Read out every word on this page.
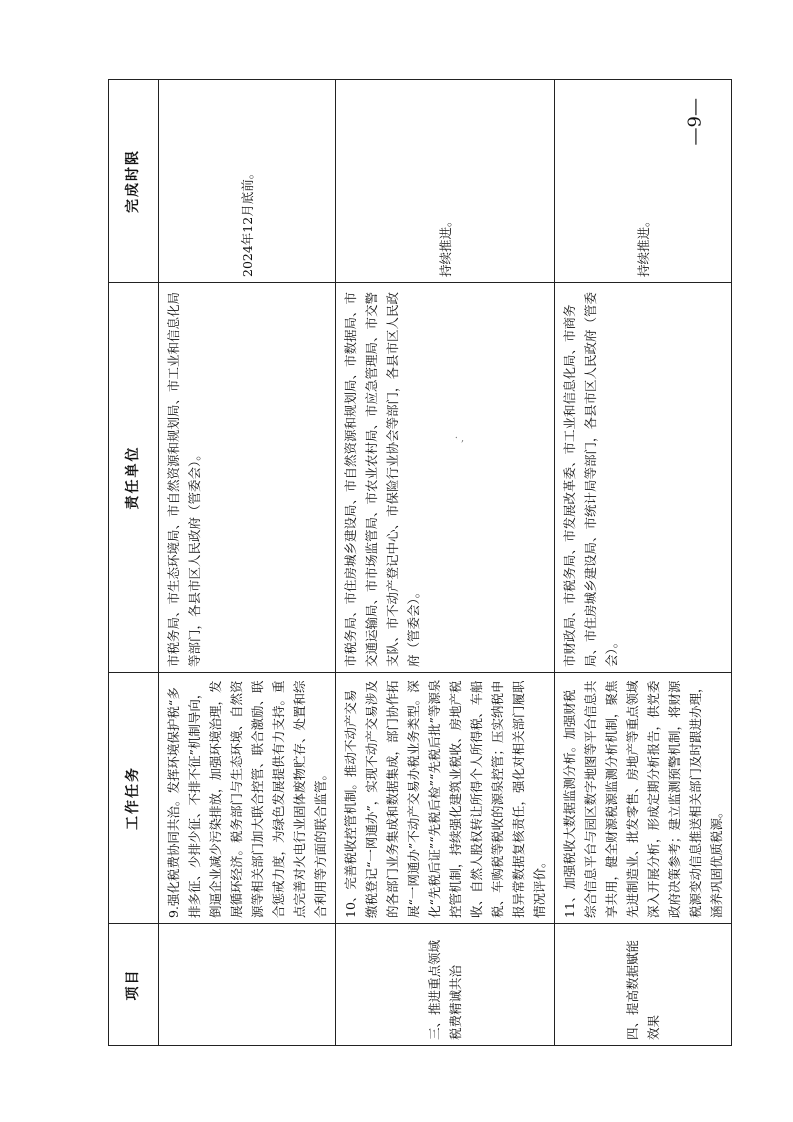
—9—
⸱ ‚
项目	工作任务	责任单位	完成时限
	9.强化税费协同共治。发挥环境保护税“多排多征、少排少征、不排不征”机制导向，倒逼企业减少污染排放，加强环境治理，发展循环经济。税务部门与生态环境、自然资源等相关部门加大联合控管、联合激励、联合惩戒力度，为绿色发展提供有力支持。重点完善对火电行业固体废物贮存、处置和综合利用等方面的联合监管。	市税务局、市生态环境局、市自然资源和规划局、市工业和信息化局等部门，各县市区人民政府（管委会）。	2024年12月底前。
三、推进重点领域税费精诚共治	10、完善税收控管机制。推动不动产交易缴税登记“一网通办”，实现不动产交易涉及的各部门业务集成和数据集成，部门协作拓展“一网通办”不动产交易办税业务类型。深化“先税后证”“先税后检”“先税后批”等源泉控管机制，持续强化建筑业税收、房地产税收、自然人股权转让所得个人所得税、车船税、车购税等税收的源泉控管；压实纳税申报异常数据复核责任，强化对相关部门履职情况评价。	市税务局、市住房城乡建设局、市自然资源和规划局、市数据局、市交通运输局、市市场监管局、市农业农村局、市应急管理局、市交警支队、市不动产登记中心、市保险行业协会等部门，各县市区人民政府（管委会）。	持续推进。
四、提高数据赋能效果	11、加强税收大数据监测分析。加强财税综合信息平台与园区数字地图等平台信息共享共用，健全财源税源监测分析机制，聚焦先进制造业、批发零售、房地产等重点领域深入开展分析，形成定期分析报告，供党委政府决策参考；建立监测预警机制，将财源税源变动信息推送相关部门及时跟进办理，涵养巩固优质税源。	市财政局、市税务局、市发展改革委、市工业和信息化局、市商务局、市住房城乡建设局、市统计局等部门，各县市区人民政府（管委会）。	持续推进。
